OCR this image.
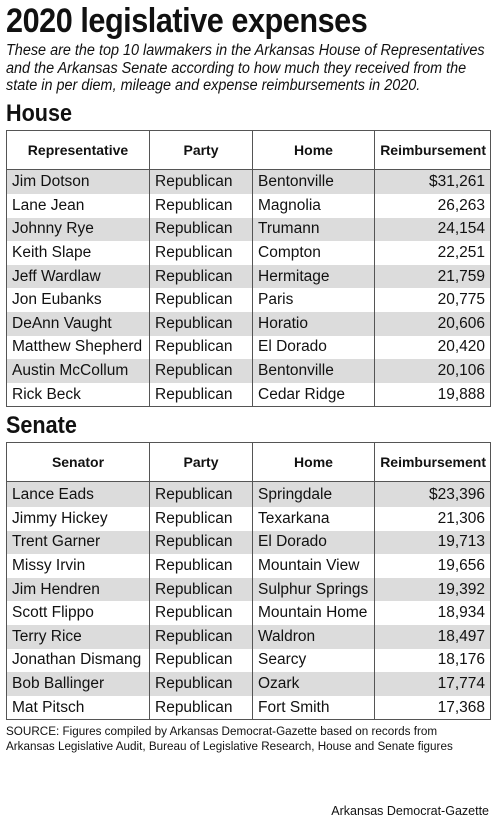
2020 legislative expenses

These are the top 10 lawmakers in the Arkansas House of Representatives and the Arkansas Senate according to how much they received from the state in per diem, mileage and expense reimbursements in 2020.

House
Representative	Party	Home	Reimbursement
Jim Dotson	Republican	Bentonville	$31,261
Lane Jean	Republican	Magnolia	26,263
Johnny Rye	Republican	Trumann	24,154
Keith Slape	Republican	Compton	22,251
Jeff Wardlaw	Republican	Hermitage	21,759
Jon Eubanks	Republican	Paris	20,775
DeAnn Vaught	Republican	Horatio	20,606
Matthew Shepherd	Republican	El Dorado	20,420
Austin McCollum	Republican	Bentonville	20,106
Rick Beck	Republican	Cedar Ridge	19,888
Senate
Senator	Party	Home	Reimbursement
Lance Eads	Republican	Springdale	$23,396
Jimmy Hickey	Republican	Texarkana	21,306
Trent Garner	Republican	El Dorado	19,713
Missy Irvin	Republican	Mountain View	19,656
Jim Hendren	Republican	Sulphur Springs	19,392
Scott Flippo	Republican	Mountain Home	18,934
Terry Rice	Republican	Waldron	18,497
Jonathan Dismang	Republican	Searcy	18,176
Bob Ballinger	Republican	Ozark	17,774
Mat Pitsch	Republican	Fort Smith	17,368

SOURCE: Figures compiled by Arkansas Democrat-Gazette based on records from Arkansas Legislative Audit, Bureau of Legislative Research, House and Senate figures

Arkansas Democrat-Gazette
